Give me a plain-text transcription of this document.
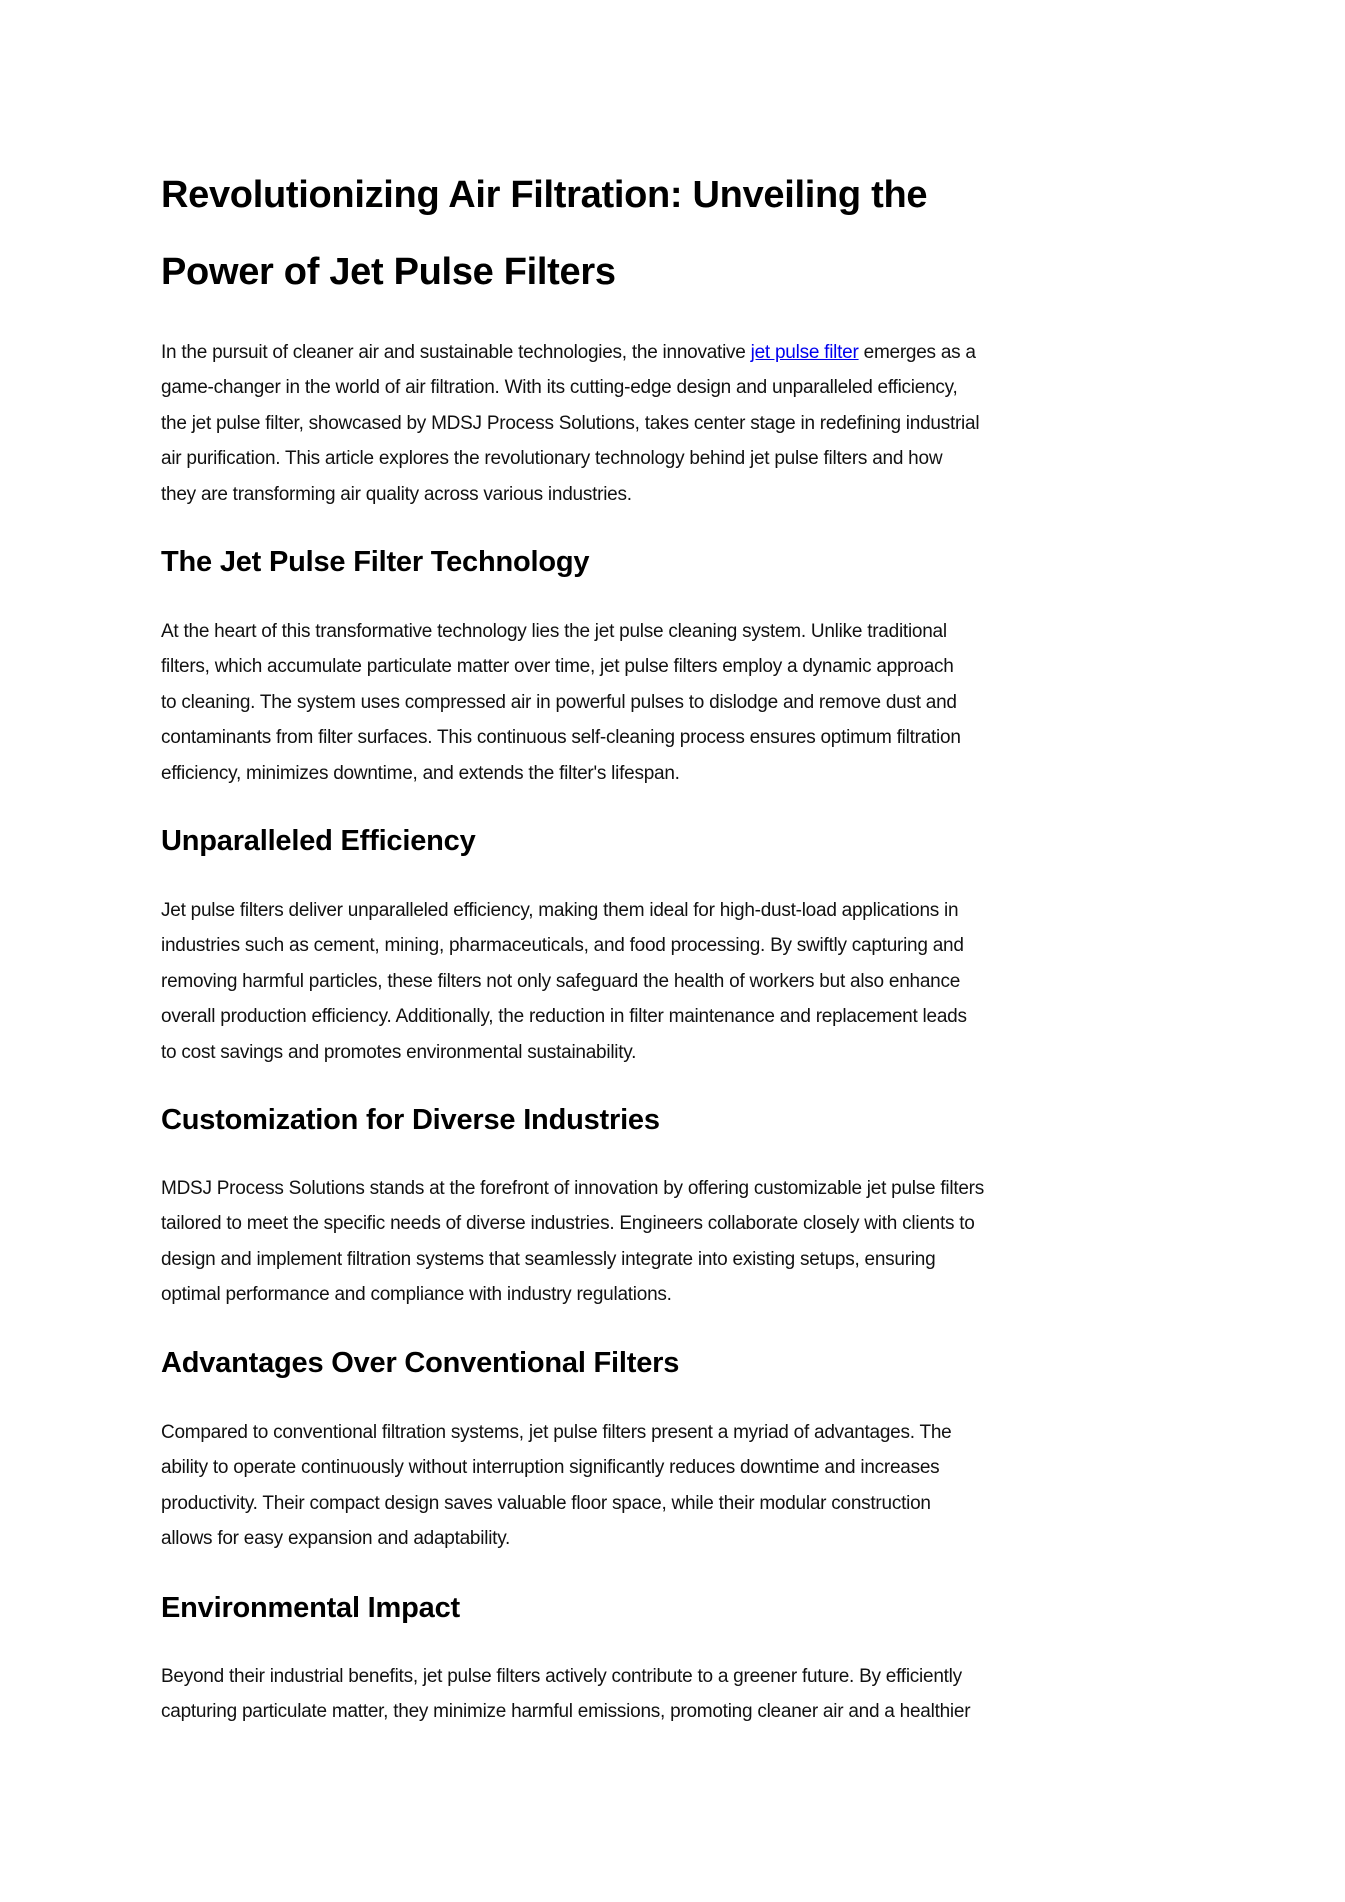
Revolutionizing Air Filtration: Unveiling the
Power of Jet Pulse Filters
In the pursuit of cleaner air and sustainable technologies, the innovative jet pulse filter emerges as a
game-changer in the world of air filtration. With its cutting-edge design and unparalleled efficiency,
the jet pulse filter, showcased by MDSJ Process Solutions, takes center stage in redefining industrial
air purification. This article explores the revolutionary technology behind jet pulse filters and how
they are transforming air quality across various industries.
The Jet Pulse Filter Technology
At the heart of this transformative technology lies the jet pulse cleaning system. Unlike traditional
filters, which accumulate particulate matter over time, jet pulse filters employ a dynamic approach
to cleaning. The system uses compressed air in powerful pulses to dislodge and remove dust and
contaminants from filter surfaces. This continuous self-cleaning process ensures optimum filtration
efficiency, minimizes downtime, and extends the filter's lifespan.
Unparalleled Efficiency
Jet pulse filters deliver unparalleled efficiency, making them ideal for high-dust-load applications in
industries such as cement, mining, pharmaceuticals, and food processing. By swiftly capturing and
removing harmful particles, these filters not only safeguard the health of workers but also enhance
overall production efficiency. Additionally, the reduction in filter maintenance and replacement leads
to cost savings and promotes environmental sustainability.
Customization for Diverse Industries
MDSJ Process Solutions stands at the forefront of innovation by offering customizable jet pulse filters
tailored to meet the specific needs of diverse industries. Engineers collaborate closely with clients to
design and implement filtration systems that seamlessly integrate into existing setups, ensuring
optimal performance and compliance with industry regulations.
Advantages Over Conventional Filters
Compared to conventional filtration systems, jet pulse filters present a myriad of advantages. The
ability to operate continuously without interruption significantly reduces downtime and increases
productivity. Their compact design saves valuable floor space, while their modular construction
allows for easy expansion and adaptability.
Environmental Impact
Beyond their industrial benefits, jet pulse filters actively contribute to a greener future. By efficiently
capturing particulate matter, they minimize harmful emissions, promoting cleaner air and a healthier
